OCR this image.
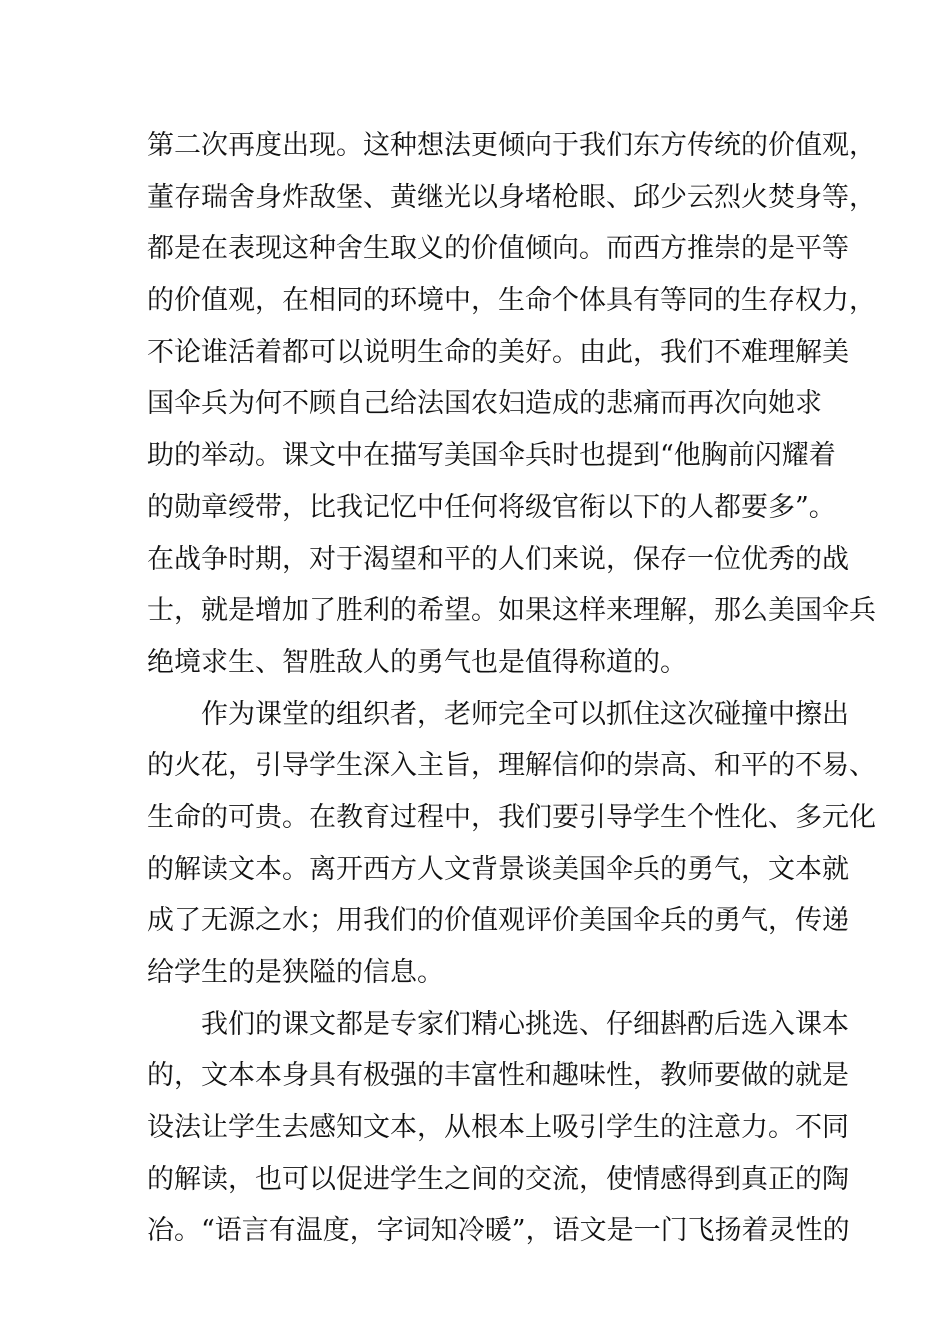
第二次再度出现。这种想法更倾向于我们东方传统的价值观，
董存瑞舍身炸敌堡、黄继光以身堵枪眼、邱少云烈火焚身等，
都是在表现这种舍生取义的价值倾向。而西方推崇的是平等
的价值观，在相同的环境中，生命个体具有等同的生存权力，
不论谁活着都可以说明生命的美好。由此，我们不难理解美
国伞兵为何不顾自己给法国农妇造成的悲痛而再次向她求
助的举动。课文中在描写美国伞兵时也提到“他胸前闪耀着
的勋章绶带，比我记忆中任何将级官衔以下的人都要多”。
在战争时期，对于渴望和平的人们来说，保存一位优秀的战
士，就是增加了胜利的希望。如果这样来理解，那么美国伞兵
绝境求生、智胜敌人的勇气也是值得称道的。
　　作为课堂的组织者，老师完全可以抓住这次碰撞中擦出
的火花，引导学生深入主旨，理解信仰的崇高、和平的不易、
生命的可贵。在教育过程中，我们要引导学生个性化、多元化
的解读文本。离开西方人文背景谈美国伞兵的勇气，文本就
成了无源之水；用我们的价值观评价美国伞兵的勇气，传递
给学生的是狭隘的信息。
　　我们的课文都是专家们精心挑选、仔细斟酌后选入课本
的，文本本身具有极强的丰富性和趣味性，教师要做的就是
设法让学生去感知文本，从根本上吸引学生的注意力。不同
的解读，也可以促进学生之间的交流，使情感得到真正的陶
冶。“语言有温度，字词知冷暖”，语文是一门飞扬着灵性的
